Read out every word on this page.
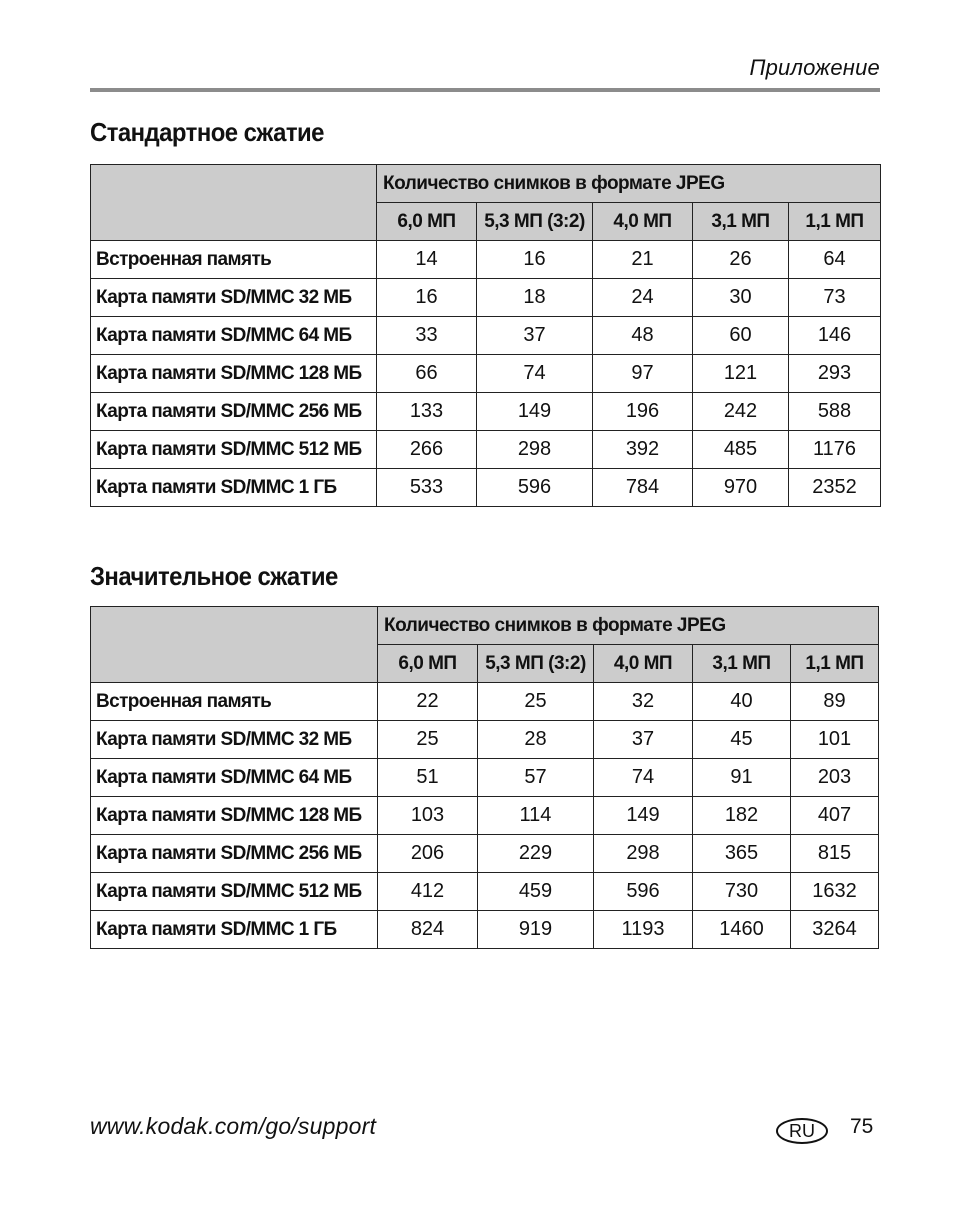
Приложение
Стандартное сжатие
	Количество снимков в формате JPEG				
	6,0 МП	5,3 МП (3:2)	4,0 МП	3,1 МП	1,1 МП
Встроенная память	14	16	21	26	64
Карта памяти SD/MMC 32 МБ	16	18	24	30	73
Карта памяти SD/MMC 64 МБ	33	37	48	60	146
Карта памяти SD/MMC 128 МБ	66	74	97	121	293
Карта памяти SD/MMC 256 МБ	133	149	196	242	588
Карта памяти SD/MMC 512 МБ	266	298	392	485	1176
Карта памяти SD/MMC 1 ГБ	533	596	784	970	2352
Значительное сжатие
	Количество снимков в формате JPEG				
	6,0 МП	5,3 МП (3:2)	4,0 МП	3,1 МП	1,1 МП
Встроенная память	22	25	32	40	89
Карта памяти SD/MMC 32 МБ	25	28	37	45	101
Карта памяти SD/MMC 64 МБ	51	57	74	91	203
Карта памяти SD/MMC 128 МБ	103	114	149	182	407
Карта памяти SD/MMC 256 МБ	206	229	298	365	815
Карта памяти SD/MMC 512 МБ	412	459	596	730	1632
Карта памяти SD/MMC 1 ГБ	824	919	1193	1460	3264
www.kodak.com/go/support	RU	75
